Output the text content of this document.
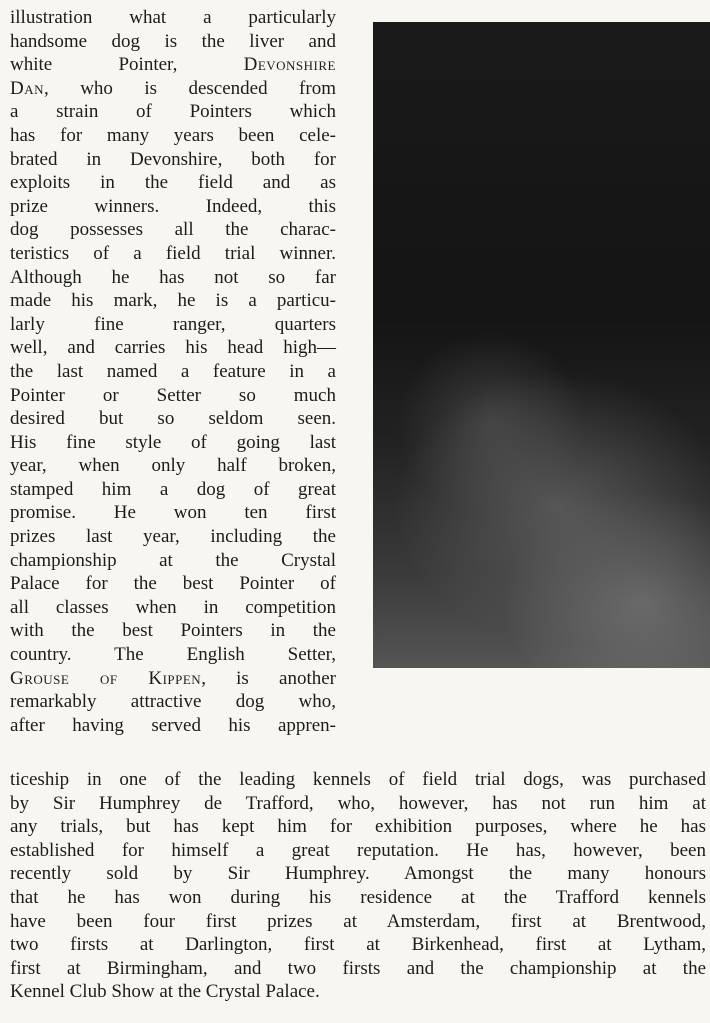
illustration what a particularly
handsome dog is the liver and
white Pointer, Devonshire
Dan, who is descended from
a strain of Pointers which
has for many years been cele-
brated in Devonshire, both for
exploits in the field and as
prize winners. Indeed, this
dog possesses all the charac-
teristics of a field trial winner.
Although he has not so far
made his mark, he is a particu-
larly fine ranger, quarters
well, and carries his head high—
the last named a feature in a
Pointer or Setter so much
desired but so seldom seen.
His fine style of going last
year, when only half broken,
stamped him a dog of great
promise. He won ten first
prizes last year, including the
championship at the Crystal
Palace for the best Pointer of
all classes when in competition
with the best Pointers in the
country. The English Setter,
Grouse of Kippen, is another
remarkably attractive dog who,
after having served his appren-
ticeship in one of the leading kennels of field trial dogs, was purchased
by Sir Humphrey de Trafford, who, however, has not run him at
any trials, but has kept him for exhibition purposes, where he has
established for himself a great reputation. He has, however, been
recently sold by Sir Humphrey. Amongst the many honours
that he has won during his residence at the Trafford kennels
have been four first prizes at Amsterdam, first at Brentwood,
two firsts at Darlington, first at Birkenhead, first at Lytham,
first at Birmingham, and two firsts and the championship at the
Kennel Club Show at the Crystal Palace.
